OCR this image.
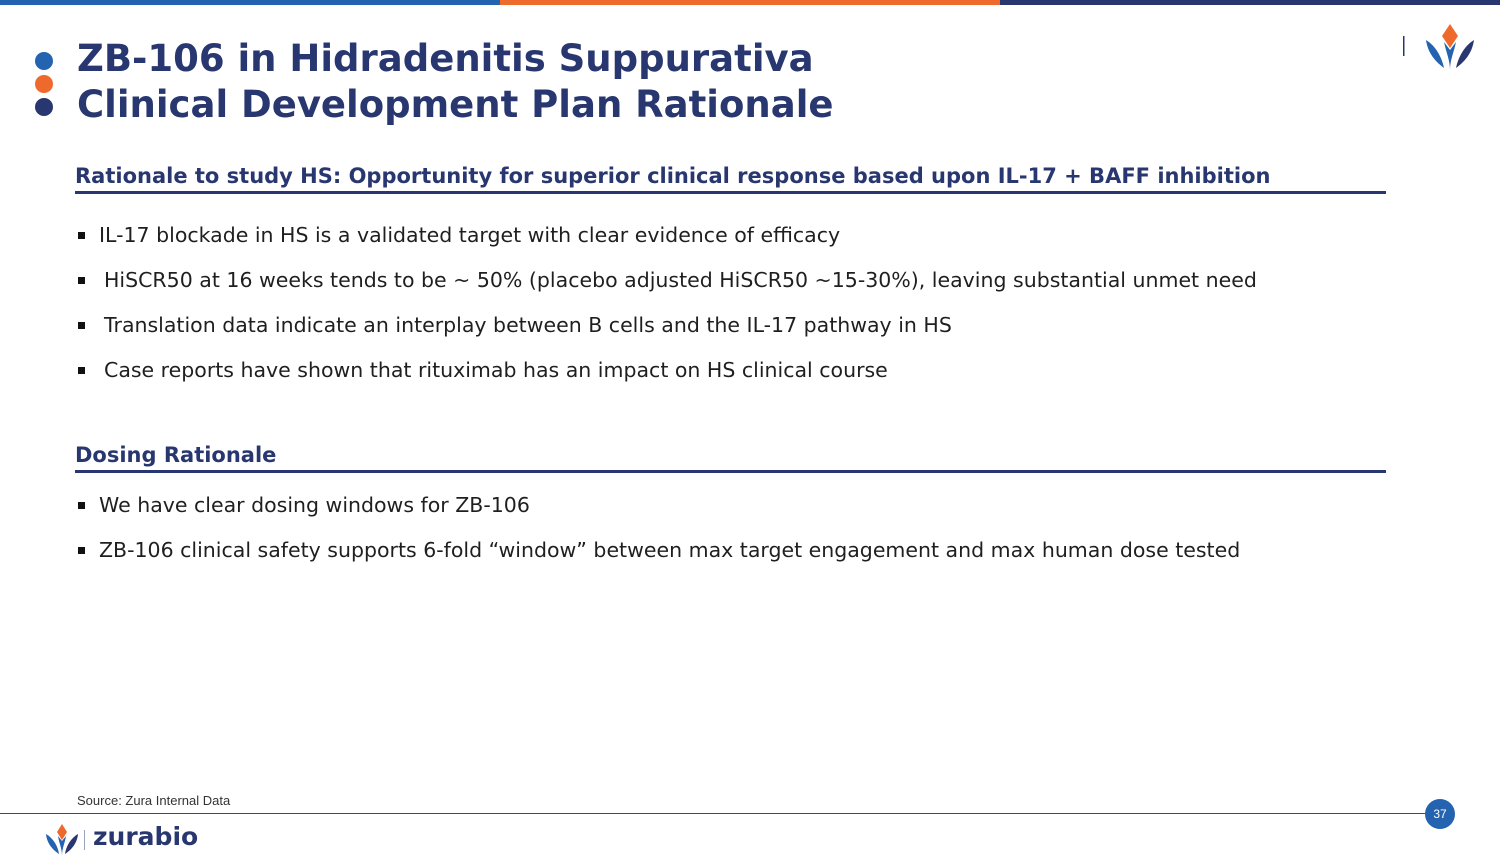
ZB-106 in Hidradenitis Suppurativa
Clinical Development Plan Rationale
Rationale to study HS: Opportunity for superior clinical response based upon IL-17 + BAFF inhibition
IL-17 blockade in HS is a validated target with clear evidence of efficacy
HiSCR50 at 16 weeks tends to be ~ 50% (placebo adjusted HiSCR50 ~15-30%), leaving substantial unmet need
Translation data indicate an interplay between B cells and the IL-17 pathway in HS
Case reports have shown that rituximab has an impact on HS clinical course
Dosing Rationale
We have clear dosing windows for ZB-106
ZB-106 clinical safety supports 6-fold “window” between max target engagement and max human dose tested
Source: Zura Internal Data
37
zurabio
